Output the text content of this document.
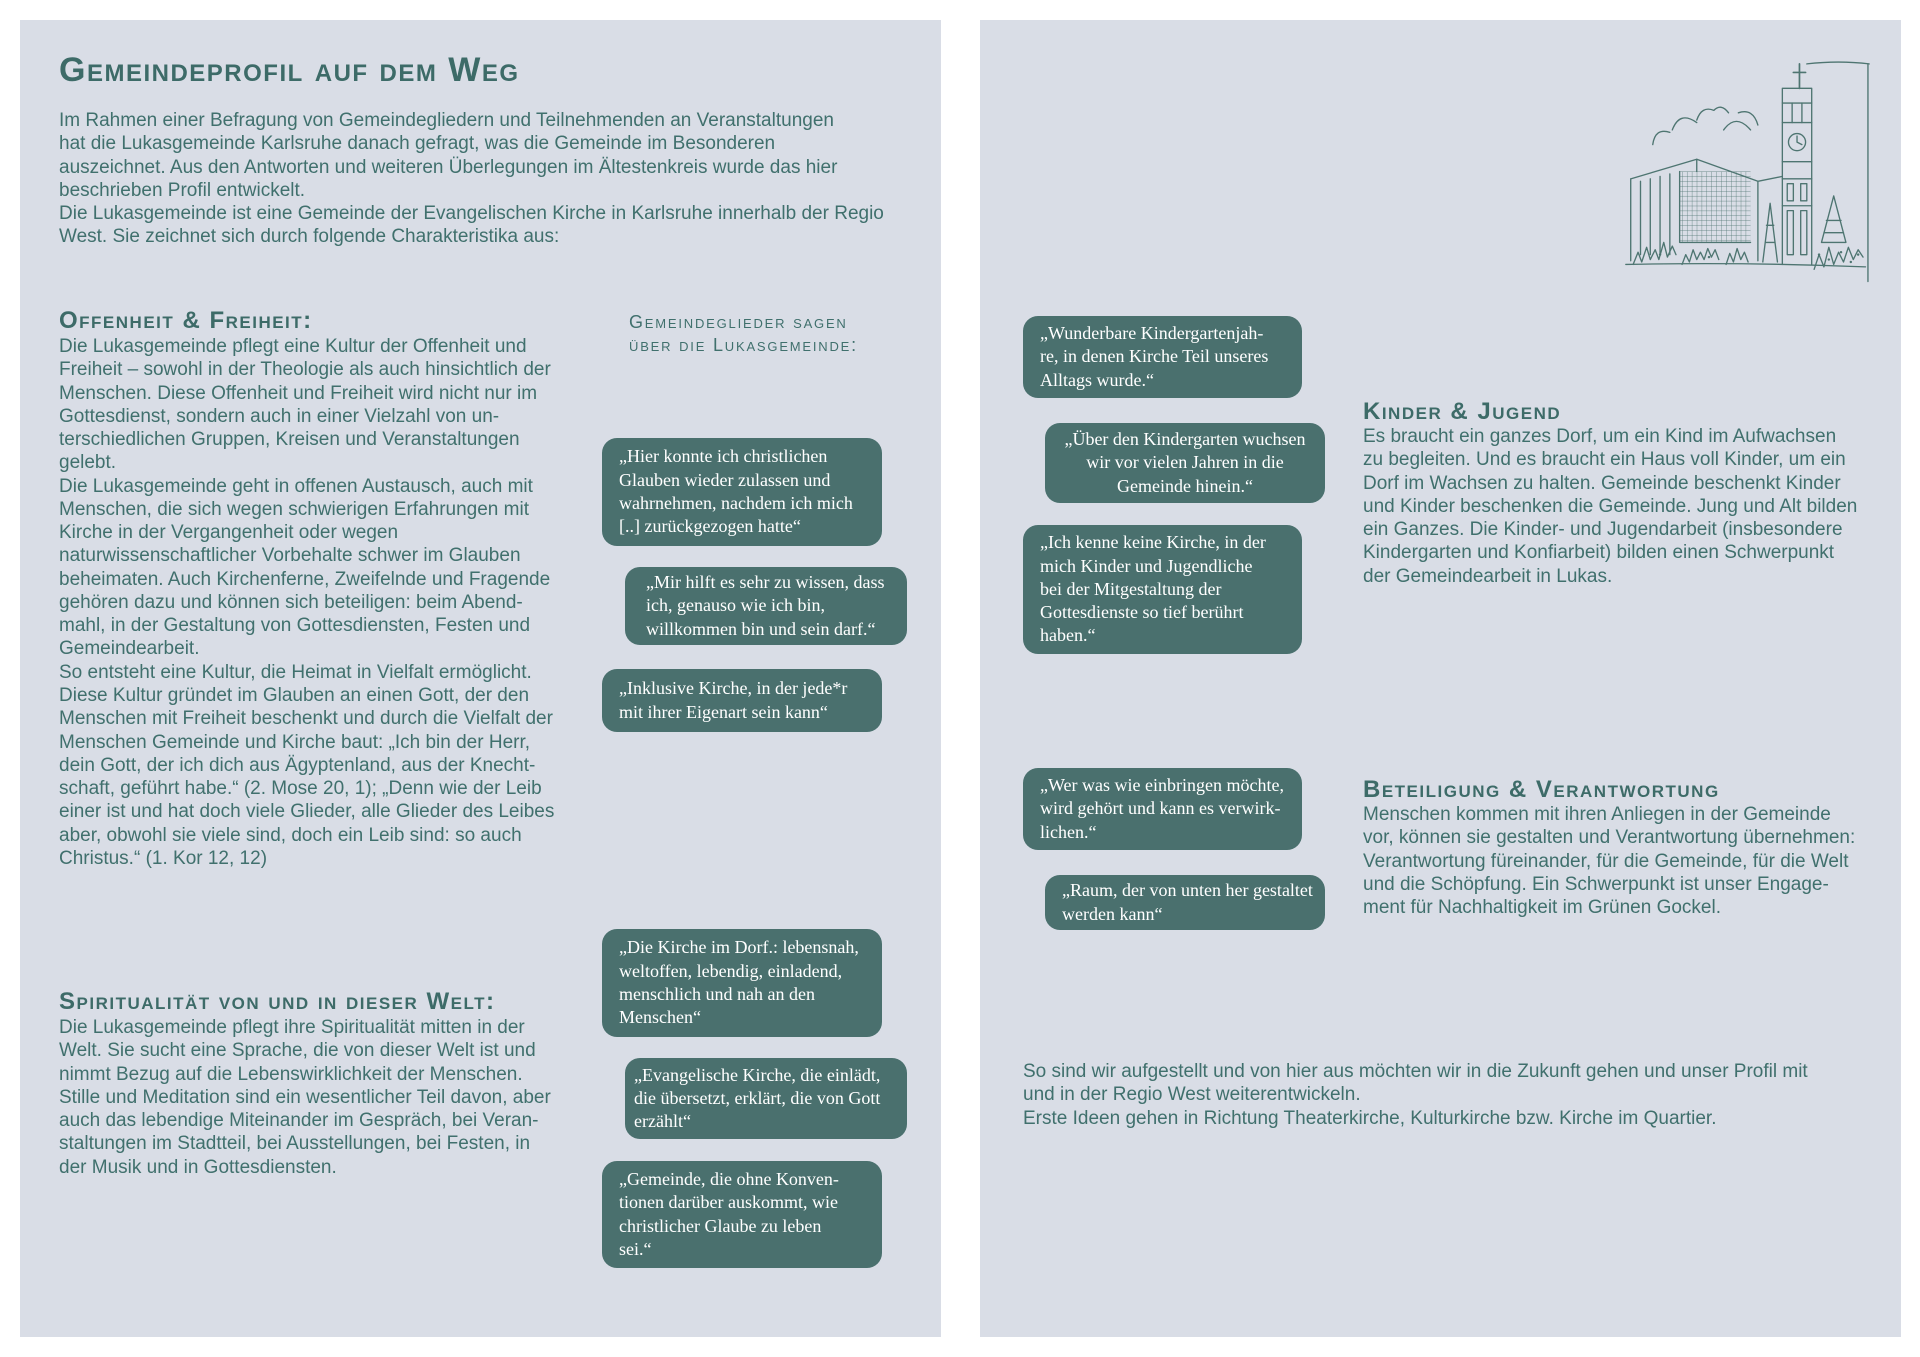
Gemeindeprofil auf dem Weg
Im Rahmen einer Befragung von Gemeindegliedern und Teilnehmenden an Veranstaltungen
hat die Lukasgemeinde Karlsruhe danach gefragt, was die Gemeinde im Besonderen
auszeichnet. Aus den Antworten und weiteren Überlegungen im Ältestenkreis wurde das hier
beschrieben Profil entwickelt.
Die Lukasgemeinde ist eine Gemeinde der Evangelischen Kirche in Karlsruhe innerhalb der Regio
West. Sie zeichnet sich durch folgende Charakteristika aus:
Offenheit & Freiheit:
Die Lukasgemeinde pflegt eine Kultur der Offenheit und
Freiheit – sowohl in der Theologie als auch hinsichtlich der
Menschen. Diese Offenheit und Freiheit wird nicht nur im
Gottesdienst, sondern auch in einer Vielzahl von un-
terschiedlichen Gruppen, Kreisen und Veranstaltungen
gelebt.
Die Lukasgemeinde geht in offenen Austausch, auch mit
Menschen, die sich wegen schwierigen Erfahrungen mit
Kirche in der Vergangenheit oder wegen
naturwissenschaftlicher Vorbehalte schwer im Glauben
beheimaten. Auch Kirchenferne, Zweifelnde und Fragende
gehören dazu und können sich beteiligen: beim Abend-
mahl, in der Gestaltung von Gottesdiensten, Festen und
Gemeindearbeit.
So entsteht eine Kultur, die Heimat in Vielfalt ermöglicht.
Diese Kultur gründet im Glauben an einen Gott, der den
Menschen mit Freiheit beschenkt und durch die Vielfalt der
Menschen Gemeinde und Kirche baut: „Ich bin der Herr,
dein Gott, der ich dich aus Ägyptenland, aus der Knecht-
schaft, geführt habe.“ (2. Mose 20, 1); „Denn wie der Leib
einer ist und hat doch viele Glieder, alle Glieder des Leibes
aber, obwohl sie viele sind, doch ein Leib sind: so auch
Christus.“ (1. Kor 12, 12)
Gemeindeglieder sagen
über die Lukasgemeinde:
„Hier konnte ich christlichen
Glauben wieder zulassen und
wahrnehmen, nachdem ich mich
[..] zurückgezogen hatte“
„Mir hilft es sehr zu wissen, dass
ich, genauso wie ich bin,
willkommen bin und sein darf.“
„Inklusive Kirche, in der jede*r
mit ihrer Eigenart sein kann“
Spiritualität von und in dieser Welt:
Die Lukasgemeinde pflegt ihre Spiritualität mitten in der
Welt. Sie sucht eine Sprache, die von dieser Welt ist und
nimmt Bezug auf die Lebenswirklichkeit der Menschen.
Stille und Meditation sind ein wesentlicher Teil davon, aber
auch das lebendige Miteinander im Gespräch, bei Veran-
staltungen im Stadtteil, bei Ausstellungen, bei Festen, in
der Musik und in Gottesdiensten.
„Die Kirche im Dorf.: lebensnah,
weltoffen, lebendig, einladend,
menschlich und nah an den
Menschen“
„Evangelische Kirche, die einlädt,
die übersetzt, erklärt, die von Gott
erzählt“
„Gemeinde, die ohne Konven-
tionen darüber auskommt, wie
christlicher Glaube zu leben
sei.“
„Wunderbare Kindergartenjah-
re, in denen Kirche Teil unseres
Alltags wurde.“
„Über den Kindergarten wuchsen
wir vor vielen Jahren in die
Gemeinde hinein.“
„Ich kenne keine Kirche, in der
mich Kinder und Jugendliche
bei der Mitgestaltung der
Gottesdienste so tief berührt
haben.“
Kinder & Jugend
Es braucht ein ganzes Dorf, um ein Kind im Aufwachsen
zu begleiten. Und es braucht ein Haus voll Kinder, um ein
Dorf im Wachsen zu halten. Gemeinde beschenkt Kinder
und Kinder beschenken die Gemeinde. Jung und Alt bilden
ein Ganzes. Die Kinder- und Jugendarbeit (insbesondere
Kindergarten und Konfiarbeit) bilden einen Schwerpunkt
der Gemeindearbeit in Lukas.
„Wer was wie einbringen möchte,
wird gehört und kann es verwirk-
lichen.“
„Raum, der von unten her gestaltet
werden kann“
Beteiligung & Verantwortung
Menschen kommen mit ihren Anliegen in der Gemeinde
vor, können sie gestalten und Verantwortung übernehmen:
Verantwortung füreinander, für die Gemeinde, für die Welt
und die Schöpfung. Ein Schwerpunkt ist unser Engage-
ment für Nachhaltigkeit im Grünen Gockel.
So sind wir aufgestellt und von hier aus möchten wir in die Zukunft gehen und unser Profil mit
und in der Regio West weiterentwickeln.
Erste Ideen gehen in Richtung Theaterkirche, Kulturkirche bzw. Kirche im Quartier.
